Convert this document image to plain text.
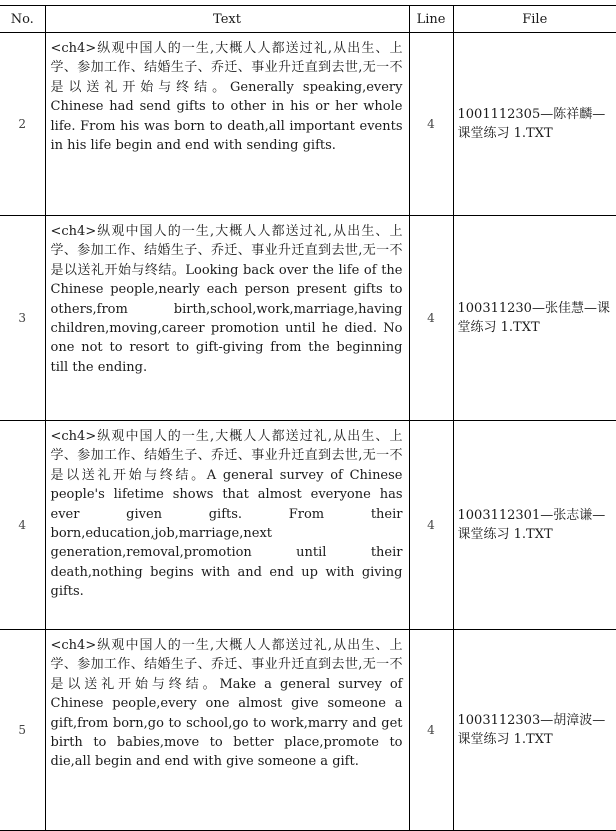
No.	Text	Line	File
2	<ch4>纵观中国人的一生,大概人人都送过礼,从出生、上学、参加工作、结婚生子、乔迁、事业升迁直到去世,无一不是以送礼开始与终结。Generally speaking,every Chinese had send gifts to other in his or her whole life. From his was born to death,all important events in his life begin and end with sending gifts.	4	1001112305—陈祥麟—课堂练习 1.TXT
3	<ch4>纵观中国人的一生,大概人人都送过礼,从出生、上学、参加工作、结婚生子、乔迁、事业升迁直到去世,无一不是以送礼开始与终结。Looking back over the life of the Chinese people,nearly each person present gifts to others,from birth,school,work,marriage,having children,moving,career promotion until he died. No one not to resort to gift-giving from the beginning till the ending.	4	100311230—张佳慧—课堂练习 1.TXT
4	<ch4>纵观中国人的一生,大概人人都送过礼,从出生、上学、参加工作、结婚生子、乔迁、事业升迁直到去世,无一不是以送礼开始与终结。A general survey of Chinese people's lifetime shows that almost everyone has ever given gifts. From their born,education,job,marriage,next generation,removal,promotion until their death,nothing begins with and end up with giving gifts.	4	1003112301—张志谦—课堂练习 1.TXT
5	<ch4>纵观中国人的一生,大概人人都送过礼,从出生、上学、参加工作、结婚生子、乔迁、事业升迁直到去世,无一不是以送礼开始与终结。Make a general survey of Chinese people,every one almost give someone a gift,from born,go to school,go to work,marry and get birth to babies,move to better place,promote to die,all begin and end with give someone a gift.	4	1003112303—胡漳波—课堂练习 1.TXT
